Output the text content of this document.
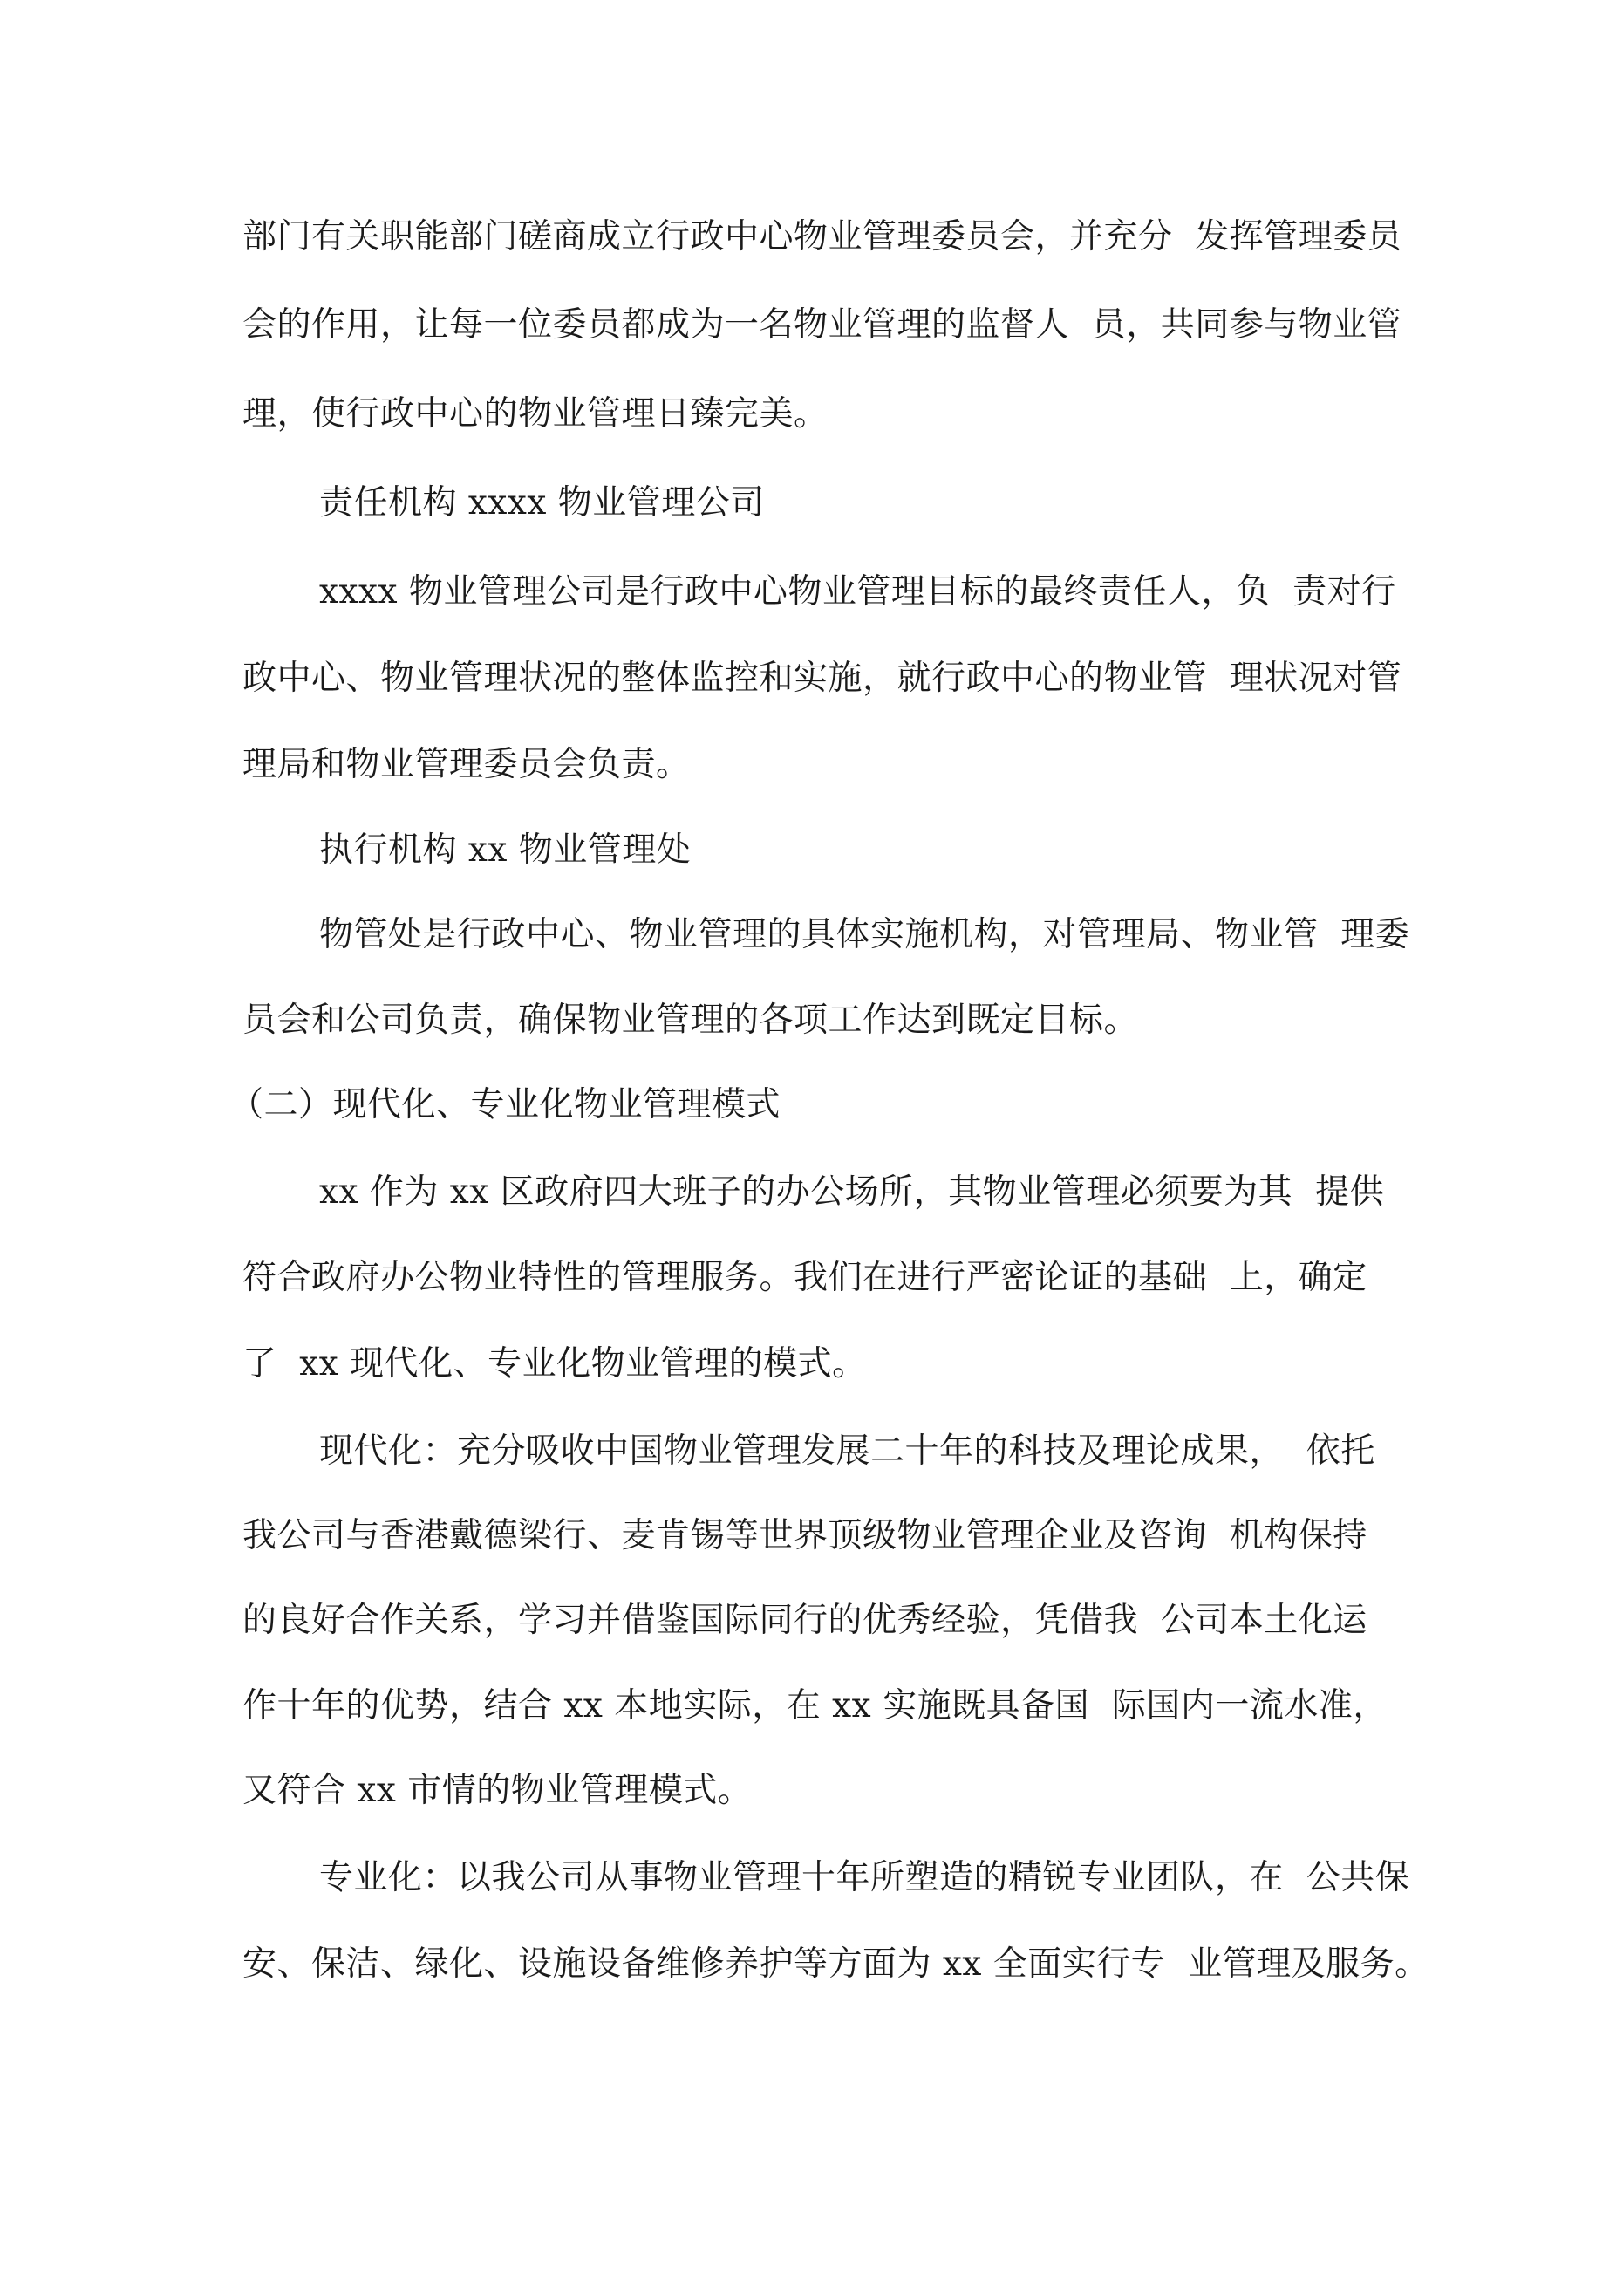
部门有关职能部门磋商成立行政中心物业管理委员会，并充分  发挥管理委员
会的作用，让每一位委员都成为一名物业管理的监督人  员，共同参与物业管
理，使行政中心的物业管理日臻完美。
责任机构 xxxx 物业管理公司
xxxx 物业管理公司是行政中心物业管理目标的最终责任人，负  责对行
政中心、物业管理状况的整体监控和实施，就行政中心的物业管  理状况对管
理局和物业管理委员会负责。
执行机构 xx 物业管理处
物管处是行政中心、物业管理的具体实施机构，对管理局、物业管  理委
员会和公司负责，确保物业管理的各项工作达到既定目标。
（二）现代化、专业化物业管理模式
xx 作为 xx 区政府四大班子的办公场所，其物业管理必须要为其  提供
符合政府办公物业特性的管理服务。我们在进行严密论证的基础  上，确定
了  xx 现代化、专业化物业管理的模式。
现代化：充分吸收中国物业管理发展二十年的科技及理论成果，  依托
我公司与香港戴德梁行、麦肯锡等世界顶级物业管理企业及咨询  机构保持
的良好合作关系，学习并借鉴国际同行的优秀经验，凭借我  公司本土化运
作十年的优势，结合 xx 本地实际，在 xx 实施既具备国  际国内一流水准，
又符合 xx 市情的物业管理模式。
专业化：以我公司从事物业管理十年所塑造的精锐专业团队，在  公共保
安、保洁、绿化、设施设备维修养护等方面为 xx 全面实行专  业管理及服务。
